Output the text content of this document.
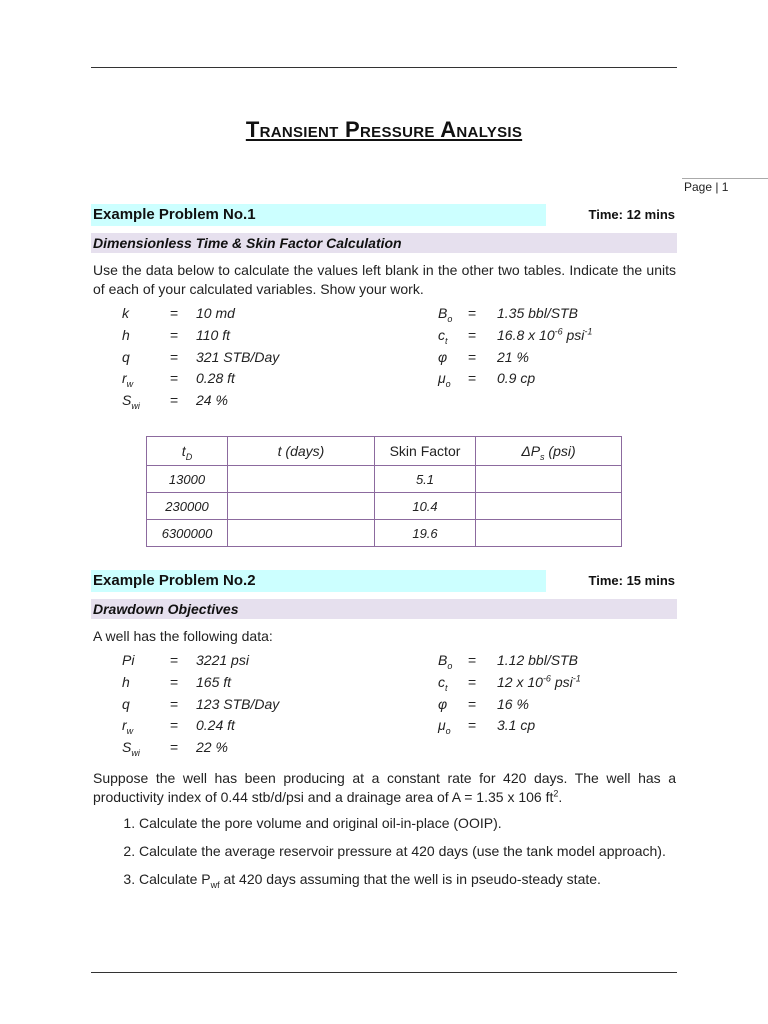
Transient Pressure Analysis
Page | 1
Example Problem No.1	Time: 12 mins
Dimensionless Time & Skin Factor Calculation
Use the data below to calculate the values left blank in the other two tables. Indicate the units of each of your calculated variables. Show your work.
k	= 10 md
h	= 110 ft
q	= 321 STB/Day
$r_w$	= 0.28 ft
$S_{wi} = 24$ %
$B_o = 1.35$ bbl/STB
$c_t = 16.8$ x $10^{-6}$ psi$^{-1}$
φ = 21 %
$\mu_o = 0.9$ cp
$t_D$	t (days)	Skin Factor	$\Delta P_s$ (psi)
13000		5.1	
230000		10.4	
6300000		19.6	
Example Problem No.2	Time: 15 mins
Drawdown Objectives
A well has the following data:
Pi	= 3221 psi
h	= 165 ft
q	= 123 STB/Day
$r_w$	= 0.24 ft
$S_{wi} = 22$ %
$B_o = 1.12$ bbl/STB
$c_t = 12$ x $10^{-6}$ psi$^{-1}$
φ = 16 %
$\mu_o = 3.1$ cp
Suppose the well has been producing at a constant rate for 420 days. The well has a productivity index of 0.44 stb/d/psi and a drainage area of A = 1.35 x 106 $ft^2$.
1. Calculate the pore volume and original oil-in-place (OOIP).
2. Calculate the average reservoir pressure at 420 days (use the tank model approach).
3. Calculate $P_{wf}$ at 420 days assuming that the well is in pseudo-steady state.
